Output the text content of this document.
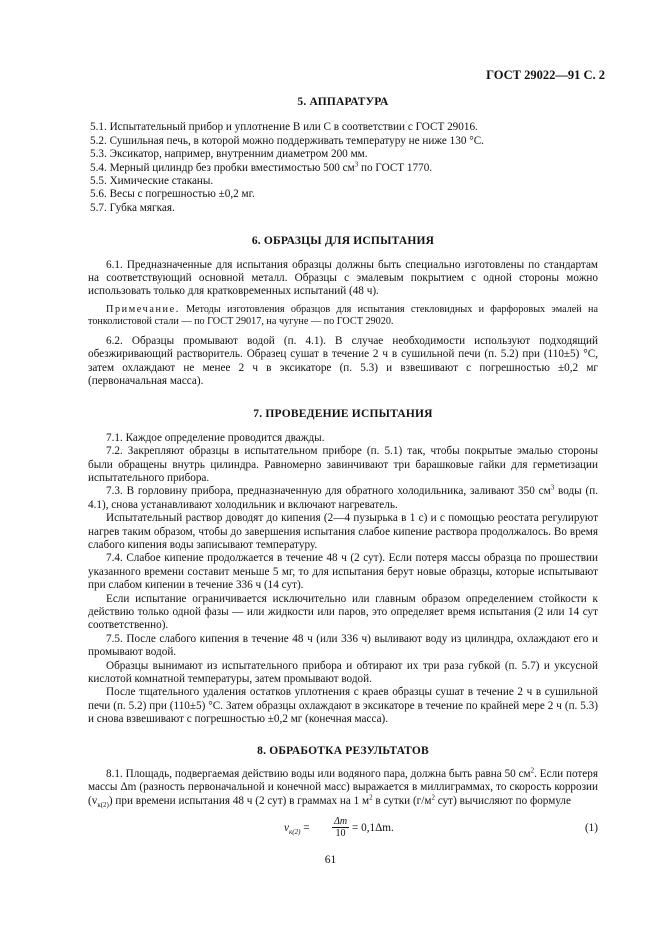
ГОСТ 29022—91 С. 2
5. АППАРАТУРА
5.1. Испытательный прибор и уплотнение В или С в соответствии с ГОСТ 29016.
5.2. Сушильная печь, в которой можно поддерживать температуру не ниже 130 °С.
5.3. Эксикатор, например, внутренним диаметром 200 мм.
5.4. Мерный цилиндр без пробки вместимостью 500 $см^3$ по ГОСТ 1770.
5.5. Химические стаканы.
5.6. Весы с погрешностью ±0,2 мг.
5.7. Губка мягкая.
6. ОБРАЗЦЫ ДЛЯ ИСПЫТАНИЯ

6.1. Предназначенные для испытания образцы должны быть специально изготовлены по стандартам на соответствующий основной металл. Образцы с эмалевым покрытием с одной стороны можно использовать только для кратковременных испытаний (48 ч).

Примечание. Методы изготовления образцов для испытания стекловидных и фарфоровых эмалей на тонколистовой стали — по ГОСТ 29017, на чугуне — по ГОСТ 29020.

6.2. Образцы промывают водой (п. 4.1). В случае необходимости используют подходящий обезжиривающий растворитель. Образец сушат в течение 2 ч в сушильной печи (п. 5.2) при (110±5) °С, затем охлаждают не менее 2 ч в эксикаторе (п. 5.3) и взвешивают с погрешностью ±0,2 мг (первоначальная масса).

7. ПРОВЕДЕНИЕ ИСПЫТАНИЯ

7.1. Каждое определение проводится дважды.

7.2. Закрепляют образцы в испытательном приборе (п. 5.1) так, чтобы покрытые эмалью стороны были обращены внутрь цилиндра. Равномерно завинчивают три барашковые гайки для герметизации испытательного прибора.

7.3. В горловину прибора, предназначенную для обратного холодильника, заливают 350 $см^3$ воды (п. 4.1), снова устанавливают холодильник и включают нагреватель.

Испытательный раствор доводят до кипения (2—4 пузырька в 1 с) и с помощью реостата регулируют нагрев таким образом, чтобы до завершения испытания слабое кипение раствора продолжалось. Во время слабого кипения воды записывают температуру.

7.4. Слабое кипение продолжается в течение 48 ч (2 сут). Если потеря массы образца по прошествии указанного времени составит меньше 5 мг, то для испытания берут новые образцы, которые испытывают при слабом кипении в течение 336 ч (14 сут).

Если испытание ограничивается исключительно или главным образом определением стойкости к действию только одной фазы — или жидкости или паров, это определяет время испытания (2 или 14 сут соответственно).

7.5. После слабого кипения в течение 48 ч (или 336 ч) выливают воду из цилиндра, охлаждают его и промывают водой.

Образцы вынимают из испытательного прибора и обтирают их три раза губкой (п. 5.7) и уксусной кислотой комнатной температуры, затем промывают водой.

После тщательного удаления остатков уплотнения с краев образцы сушат в течение 2 ч в сушильной печи (п. 5.2) при (110±5) °С. Затем образцы охлаждают в эксикаторе в течение по крайней мере 2 ч (п. 5.3) и снова взвешивают с погрешностью ±0,2 мг (конечная масса).

8. ОБРАБОТКА РЕЗУЛЬТАТОВ

8.1. Площадь, подвергаемая действию воды или водяного пара, должна быть равна 50 $см^2$. Если потеря массы Δm (разность первоначальной и конечной масс) выражается в миллиграммах, то скорость коррозии $(v_{к(2)})$ при времени испытания 48 ч (2 сут) в граммах на 1 $м^2$ в сутки ($г/м^2$ сут) вычисляют по формуле

$v_{к(2)} = \frac{\Delta m}{10} = 0,1\Delta m$.	(1)
61
